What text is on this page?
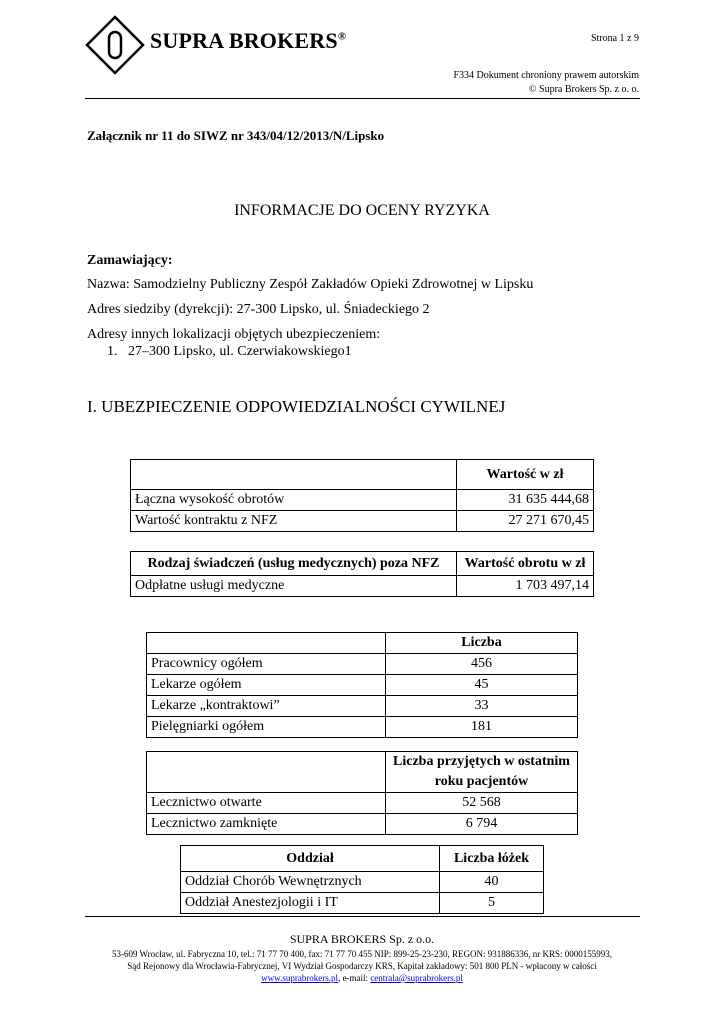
SUPRA BROKERS®	Strona 1 z 9
F334 Dokument chroniony prawem autorskim
© Supra Brokers Sp. z o. o.
Załącznik nr 11 do SIWZ nr 343/04/12/2013/N/Lipsko
INFORMACJE DO OCENY RYZYKA
Zamawiający:
Nazwa: Samodzielny Publiczny Zespół Zakładów Opieki Zdrowotnej w Lipsku
Adres siedziby (dyrekcji): 27-300 Lipsko, ul. Śniadeckiego 2
Adresy innych lokalizacji objętych ubezpieczeniem:
1.   27–300 Lipsko, ul. Czerwiakowskiego1
I. UBEZPIECZENIE ODPOWIEDZIALNOŚCI CYWILNEJ
	Wartość w zł
Łączna wysokość obrotów	31 635 444,68
Wartość kontraktu z NFZ	27 271 670,45
Rodzaj świadczeń (usług medycznych) poza NFZ	Wartość obrotu w zł
Odpłatne usługi medyczne	1 703 497,14
	Liczba
Pracownicy ogółem	456
Lekarze ogółem	45
Lekarze „kontraktowi”	33
Pielęgniarki ogółem	181

	Liczba przyjętych w ostatnim
roku pacjentów

Lecznictwo otwarte	52 568
Lecznictwo zamknięte	6 794
Oddział	Liczba łóżek
Oddział Chorób Wewnętrznych	40
Oddział Anestezjologii i IT	5
SUPRA BROKERS Sp. z o.o.
53-609 Wrocław, ul. Fabryczna 10, tel.: 71 77 70 400, fax: 71 77 70 455 NIP: 899-25-23-230, REGON: 931886336, nr KRS: 0000155993,
Sąd Rejonowy dla Wrocławia-Fabrycznej, VI Wydział Gospodarczy KRS, Kapitał zakładowy: 501 800 PLN - wpłacony w całości
www.suprabrokers.pl, e-mail: centrala@suprabrokers.pl
